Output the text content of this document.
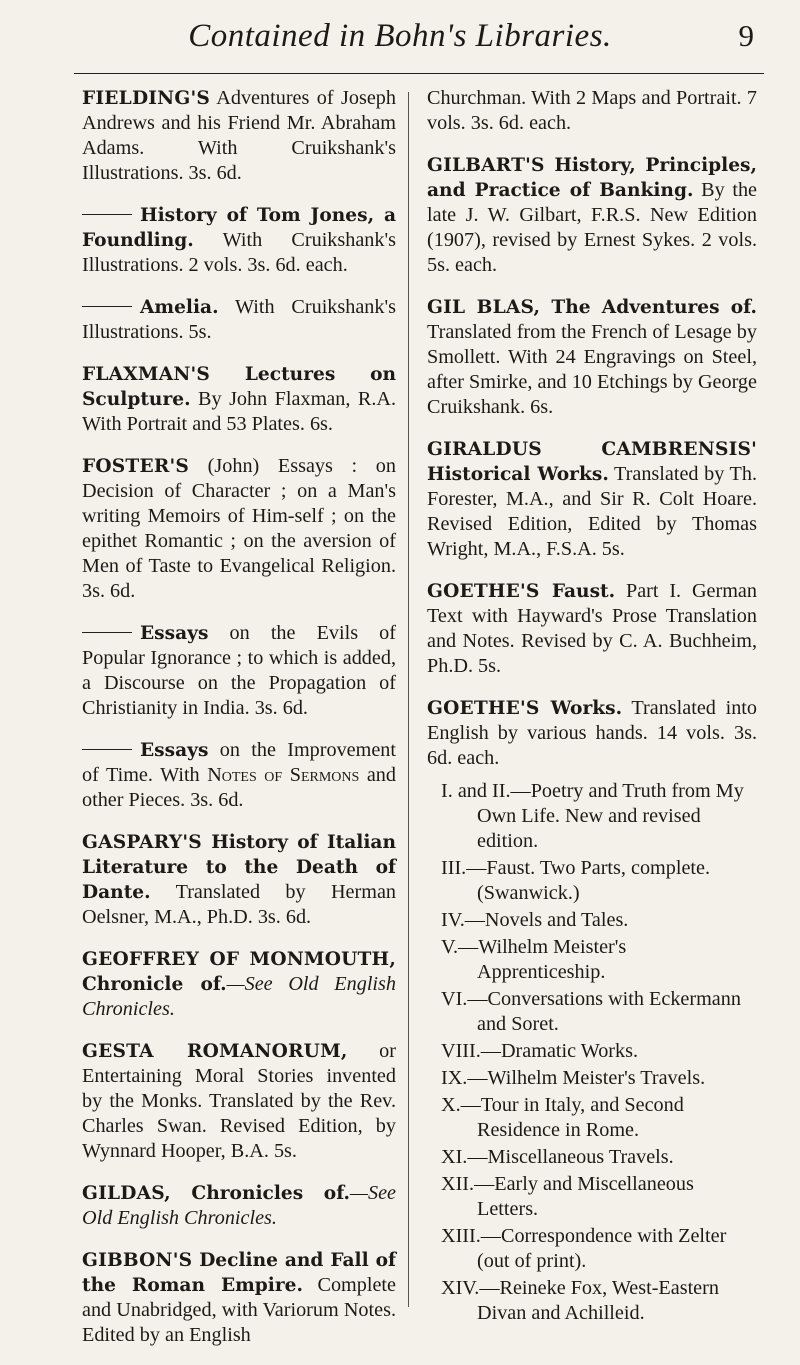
Contained in Bohn's Libraries.	9
FIELDING'S Adventures of Joseph Andrews and his Friend Mr. Abraham Adams. With Cruikshank's Illustrations. 3s. 6d.
History of Tom Jones, a Foundling. With Cruikshank's Illustrations. 2 vols. 3s. 6d. each.
Amelia. With Cruikshank's Illustrations. 5s.
FLAXMAN'S Lectures on Sculpture. By John Flaxman, R.A. With Portrait and 53 Plates. 6s.
FOSTER'S (John) Essays : on Decision of Character ; on a Man's writing Memoirs of Him-self ; on the epithet Romantic ; on the aversion of Men of Taste to Evangelical Religion. 3s. 6d.
Essays on the Evils of Popular Ignorance ; to which is added, a Discourse on the Propagation of Christianity in India. 3s. 6d.
Essays on the Improvement of Time. With Notes of Sermons and other Pieces. 3s. 6d.
GASPARY'S History of Italian Literature to the Death of Dante. Translated by Herman Oelsner, M.A., Ph.D. 3s. 6d.
GEOFFREY OF MONMOUTH, Chronicle of.—See Old English Chronicles.
GESTA ROMANORUM, or Entertaining Moral Stories invented by the Monks. Translated by the Rev. Charles Swan. Revised Edition, by Wynnard Hooper, B.A. 5s.
GILDAS, Chronicles of.—See Old English Chronicles.
GIBBON'S Decline and Fall of the Roman Empire. Complete and Unabridged, with Variorum Notes. Edited by an English
Churchman. With 2 Maps and Portrait. 7 vols. 3s. 6d. each.
GILBART'S History, Principles, and Practice of Banking. By the late J. W. Gilbart, F.R.S. New Edition (1907), revised by Ernest Sykes. 2 vols. 5s. each.
GIL BLAS, The Adventures of. Translated from the French of Lesage by Smollett. With 24 Engravings on Steel, after Smirke, and 10 Etchings by George Cruikshank. 6s.
GIRALDUS CAMBRENSIS' Historical Works. Translated by Th. Forester, M.A., and Sir R. Colt Hoare. Revised Edition, Edited by Thomas Wright, M.A., F.S.A. 5s.
GOETHE'S Faust. Part I. German Text with Hayward's Prose Translation and Notes. Revised by C. A. Buchheim, Ph.D. 5s.
GOETHE'S Works. Translated into English by various hands. 14 vols. 3s. 6d. each.
I. and II.—Poetry and Truth from My Own Life. New and revised edition.
III.—Faust. Two Parts, complete. (Swanwick.)
IV.—Novels and Tales.
V.—Wilhelm Meister's Apprenticeship.
VI.—Conversations with Eckermann and Soret.
VIII.—Dramatic Works.
IX.—Wilhelm Meister's Travels.
X.—Tour in Italy, and Second Residence in Rome.
XI.—Miscellaneous Travels.
XII.—Early and Miscellaneous Letters.
XIII.—Correspondence with Zelter (out of print).
XIV.—Reineke Fox, West-Eastern Divan and Achilleid.
